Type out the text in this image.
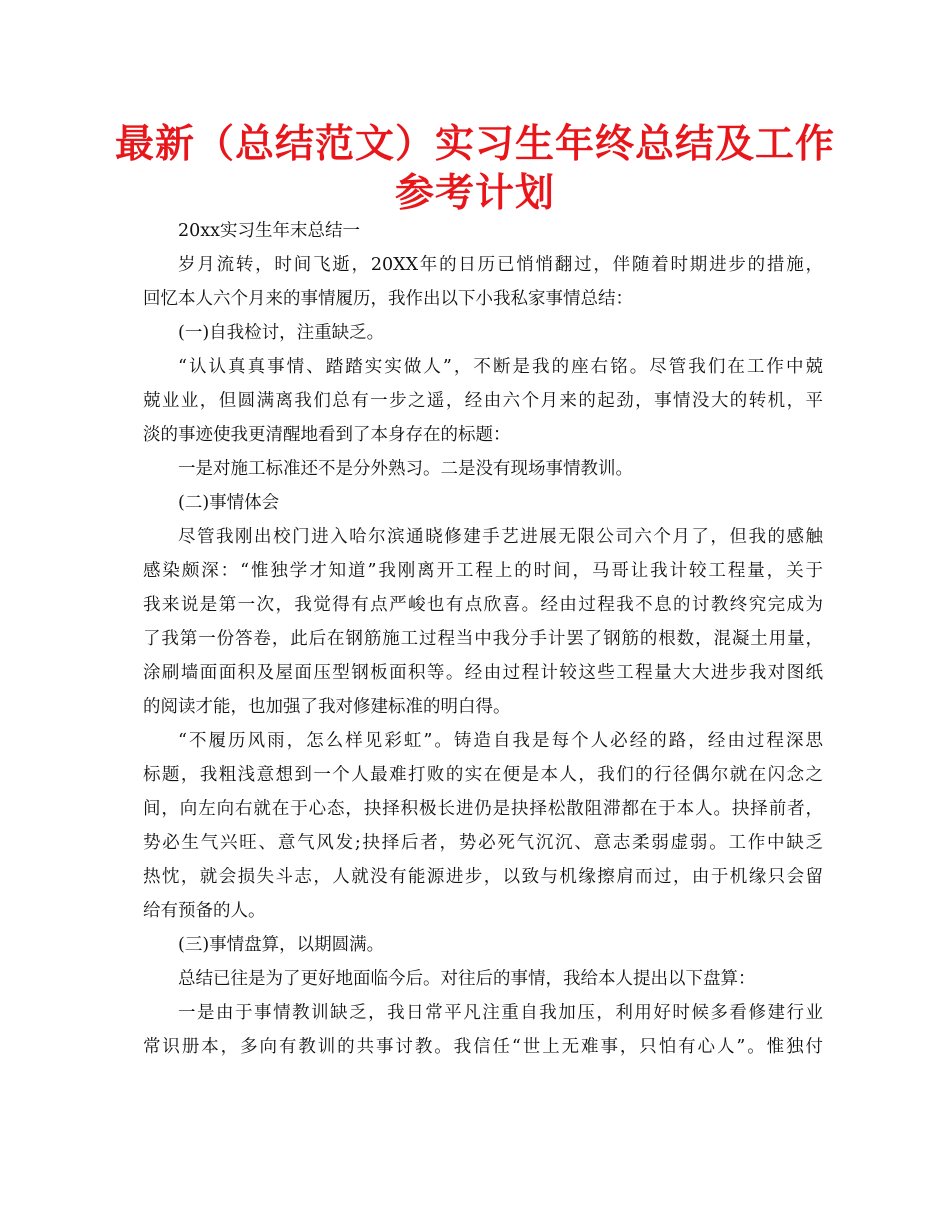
最新（总结范文）实习生年终总结及工作
参考计划
20xx实习生年末总结一
岁月流转，时间飞逝，20XX年的日历已悄悄翻过，伴随着时期进步的措施，
回忆本人六个月来的事情履历，我作出以下小我私家事情总结：
(一)自我检讨，注重缺乏。
“认认真真事情、踏踏实实做人”，不断是我的座右铭。尽管我们在工作中兢
兢业业，但圆满离我们总有一步之遥，经由六个月来的起劲，事情没大的转机，平
淡的事迹使我更清醒地看到了本身存在的标题：
一是对施工标准还不是分外熟习。二是没有现场事情教训。
(二)事情体会
尽管我刚出校门进入哈尔滨通晓修建手艺进展无限公司六个月了，但我的感触
感染颇深：“惟独学才知道”我刚离开工程上的时间，马哥让我计较工程量，关于
我来说是第一次，我觉得有点严峻也有点欣喜。经由过程我不息的讨教终究完成为
了我第一份答卷，此后在钢筋施工过程当中我分手计罢了钢筋的根数，混凝土用量，
涂刷墙面面积及屋面压型钢板面积等。经由过程计较这些工程量大大进步我对图纸
的阅读才能，也加强了我对修建标准的明白得。
“不履历风雨，怎么样见彩虹”。铸造自我是每个人必经的路，经由过程深思
标题，我粗浅意想到一个人最难打败的实在便是本人，我们的行径偶尔就在闪念之
间，向左向右就在于心态，抉择积极长进仍是抉择松散阻滞都在于本人。抉择前者，
势必生气兴旺、意气风发;抉择后者，势必死气沉沉、意志柔弱虚弱。工作中缺乏
热忱，就会损失斗志，人就没有能源进步，以致与机缘擦肩而过，由于机缘只会留
给有预备的人。
(三)事情盘算，以期圆满。
总结已往是为了更好地面临今后。对往后的事情，我给本人提出以下盘算：
一是由于事情教训缺乏，我日常平凡注重自我加压，利用好时候多看修建行业
常识册本，多向有教训的共事讨教。我信任“世上无难事，只怕有心人”。惟独付
